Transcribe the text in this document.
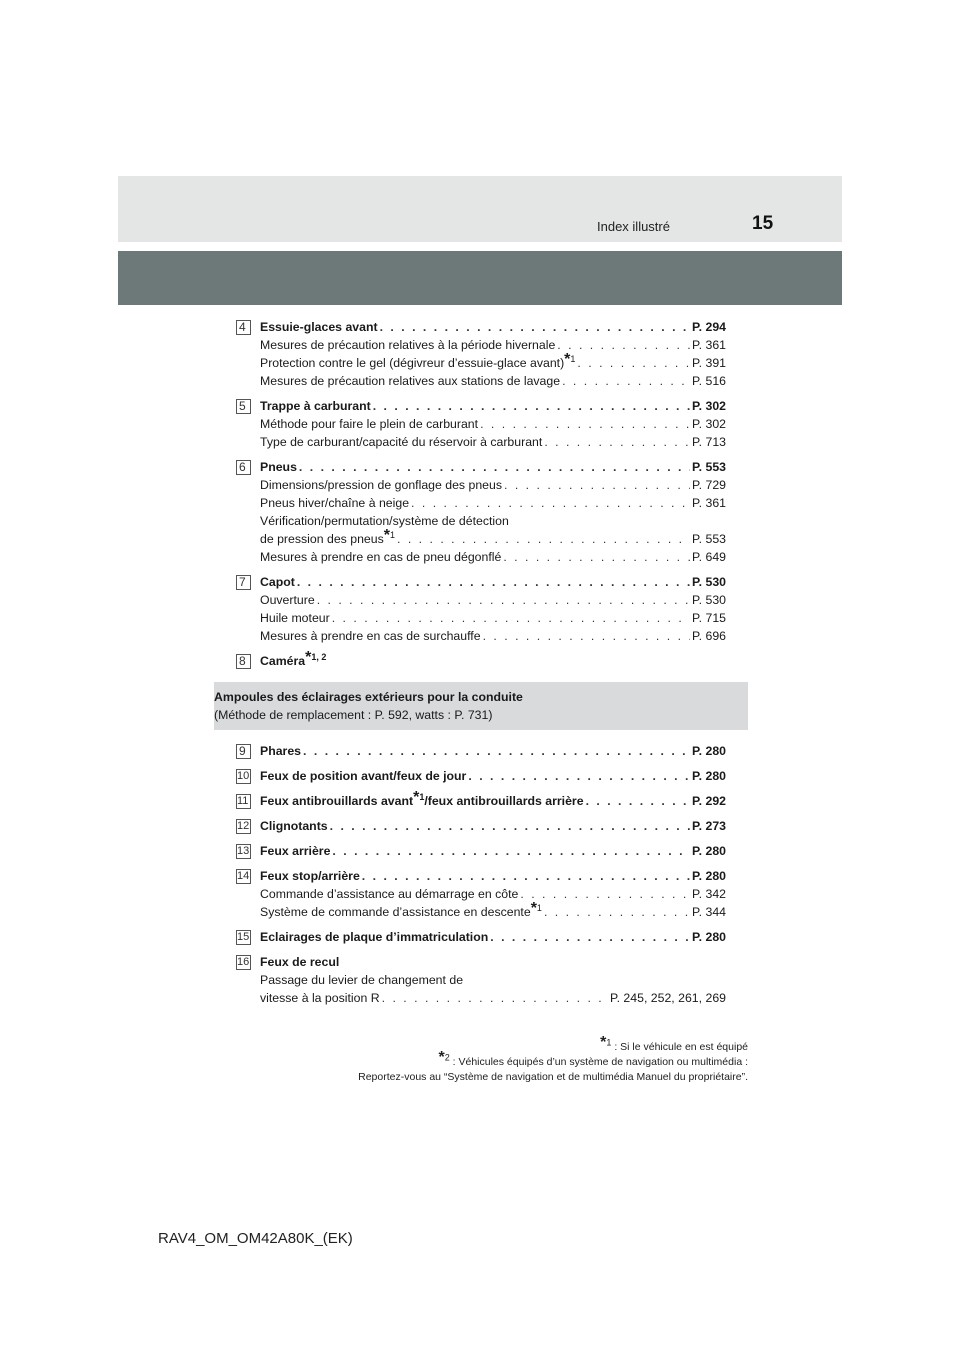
Index illustré	15
4 Essuie-glaces avant . . .	P. 294
Mesures de précaution relatives à la période hivernale . . .	P. 361
Protection contre le gel (dégivreur d’essuie-glace avant)*$^1$ . . .	P. 391
Mesures de précaution relatives aux stations de lavage . . .	P. 516
5 Trappe à carburant . . .	P. 302
Méthode pour faire le plein de carburant . . .	P. 302
Type de carburant/capacité du réservoir à carburant . . .	P. 713
6 Pneus . . .	P. 553
Dimensions/pression de gonflage des pneus . . .	P. 729
Pneus hiver/chaîne à neige . . .	P. 361
Vérification/permutation/système de détection
de pression des pneus*$^1$ . . .	P. 553
Mesures à prendre en cas de pneu dégonflé . . .	P. 649
7 Capot . . .	P. 530
Ouverture . . .	P. 530
Huile moteur . . .	P. 715
Mesures à prendre en cas de surchauffe . . .	P. 696
8 Caméra*$^{1, 2}$
Ampoules des éclairages extérieurs pour la conduite
(Méthode de remplacement : P. 592, watts : P. 731)
9 Phares . . .	P. 280
10 Feux de position avant/feux de jour . . .	P. 280
11 Feux antibrouillards avant*$^1$/feux antibrouillards arrière . . .	P. 292
12 Clignotants . . .	P. 273
13 Feux arrière . . .	P. 280
14 Feux stop/arrière . . .	P. 280
Commande d’assistance au démarrage en côte . . .	P. 342
Système de commande d’assistance en descente*$^1$ . . .	P. 344
15 Eclairages de plaque d’immatriculation . . .	P. 280
16 Feux de recul
Passage du levier de changement de
vitesse à la position R . . .	P. 245, 252, 261, 269
*$^1$ : Si le véhicule en est équipé
*$^2$ : Véhicules équipés d’un système de navigation ou multimédia :
Reportez-vous au “Système de navigation et de multimédia Manuel du propriétaire”.
RAV4_OM_OM42A80K_(EK)
